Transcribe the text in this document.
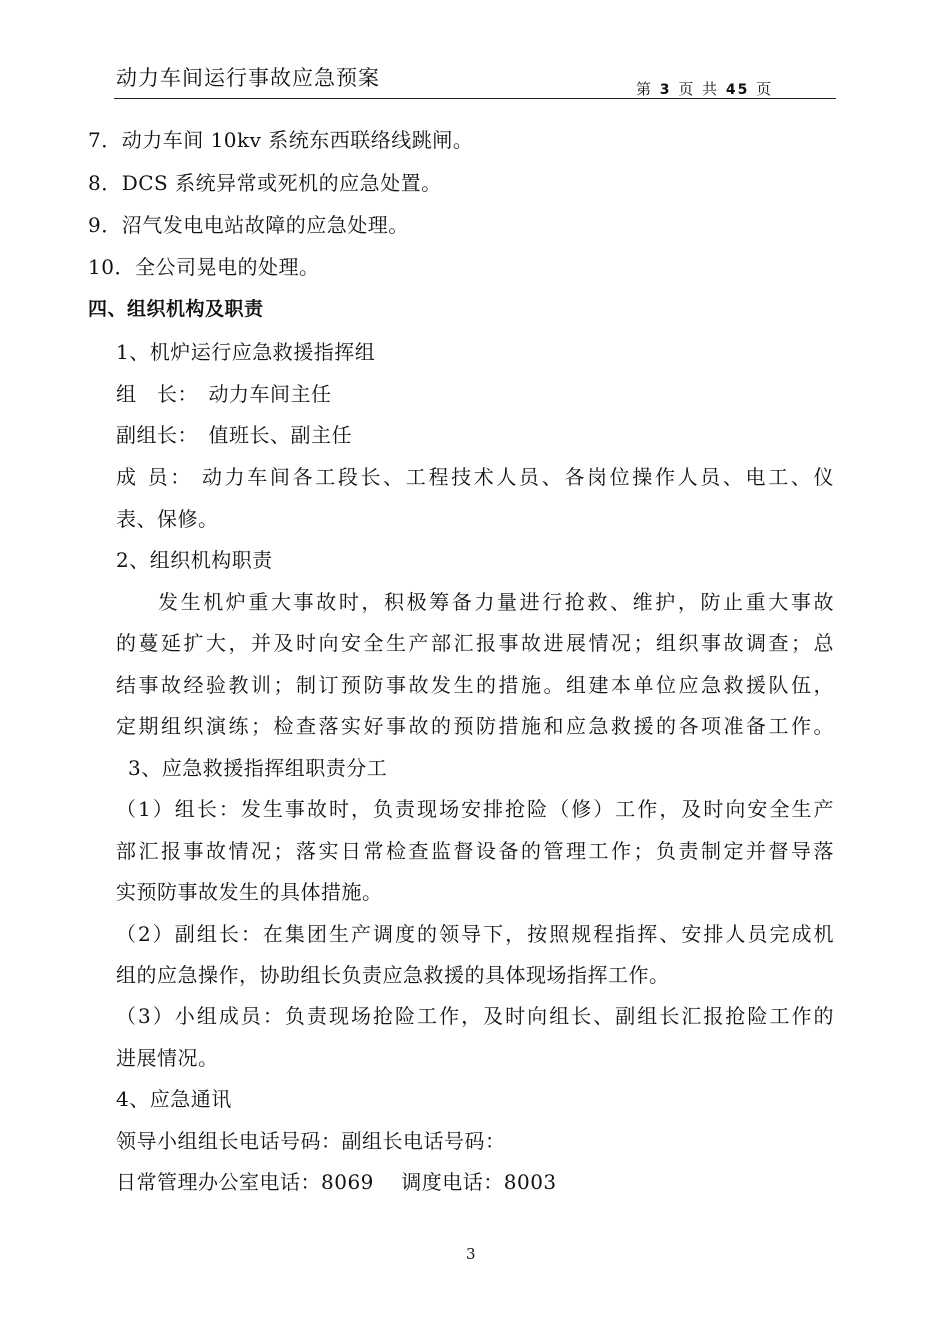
动力车间运行事故应急预案	第 3 页 共 45 页
7．动力车间 10kv 系统东西联络线跳闸。
8．DCS 系统异常或死机的应急处置。
9．沼气发电电站故障的应急处理。
10．全公司晃电的处理。
四、组织机构及职责
1、机炉运行应急救援指挥组
组　长：　动力车间主任
副组长：　值班长、副主任
成 员： 动力车间各工段长、工程技术人员、各岗位操作人员、电工、仪
表、保修。
2、组织机构职责
发生机炉重大事故时，积极筹备力量进行抢救、维护，防止重大事故
的蔓延扩大，并及时向安全生产部汇报事故进展情况；组织事故调查；总
结事故经验教训；制订预防事故发生的措施。组建本单位应急救援队伍，
定期组织演练；检查落实好事故的预防措施和应急救援的各项准备工作。
3、应急救援指挥组职责分工
（1）组长：发生事故时，负责现场安排抢险（修）工作，及时向安全生产
部汇报事故情况；落实日常检查监督设备的管理工作；负责制定并督导落
实预防事故发生的具体措施。
（2）副组长：在集团生产调度的领导下，按照规程指挥、安排人员完成机
组的应急操作，协助组长负责应急救援的具体现场指挥工作。
（3）小组成员：负责现场抢险工作，及时向组长、副组长汇报抢险工作的
进展情况。
4、应急通讯
领导小组组长电话号码：副组长电话号码：
日常管理办公室电话：8069　 调度电话：8003
3
